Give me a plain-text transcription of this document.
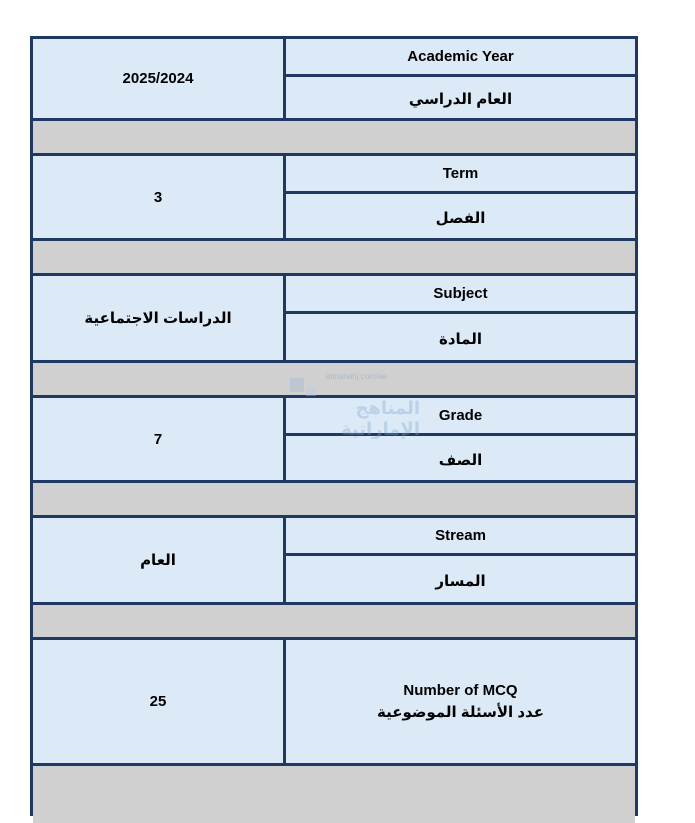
2025/2024
Academic Year
العام الدراسي
3
Term
الفصل
الدراسات الاجتماعية
Subject
المادة
7
Grade
الصف
العام
Stream
المسار
25
Number of MCQ
عدد الأسئلة الموضوعية
almanahj.com/ae
المناهج الإماراتية
